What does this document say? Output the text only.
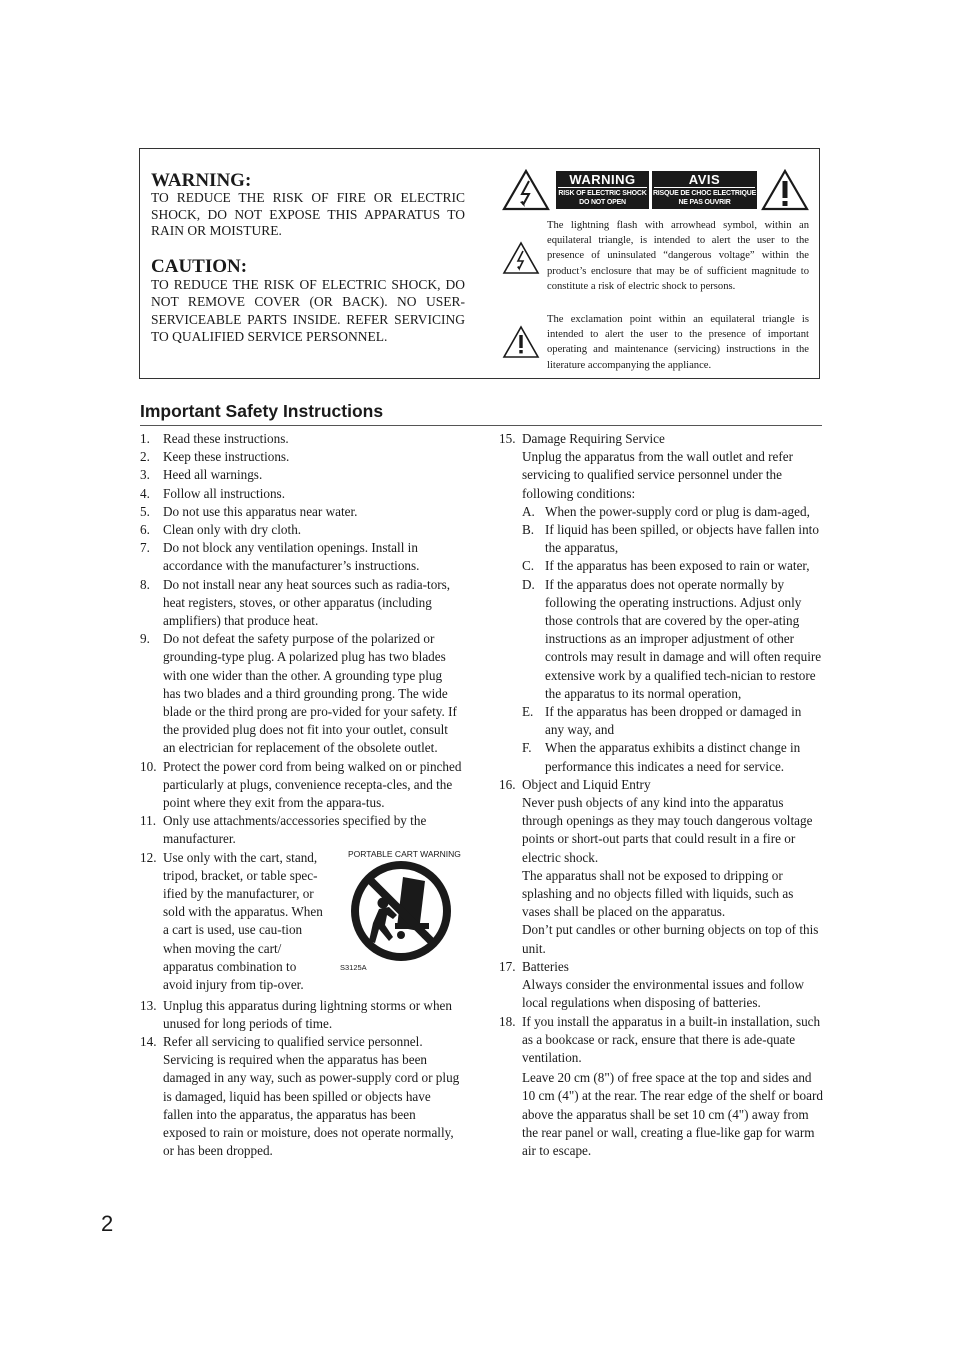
WARNING:

TO REDUCE THE RISK OF FIRE OR ELECTRIC SHOCK, DO NOT EXPOSE THIS APPARATUS TO RAIN OR MOISTURE.

CAUTION:

TO REDUCE THE RISK OF ELECTRIC SHOCK, DO NOT REMOVE COVER (OR BACK). NO USER-SERVICEABLE PARTS INSIDE. REFER SERVICING TO QUALIFIED SERVICE PERSONNEL.

WARNING
RISK OF ELECTRIC SHOCK
DO NOT OPEN
AVIS
RISQUE DE CHOC ELECTRIQUE
NE PAS OUVRIR

The lightning flash with arrowhead symbol, within an equilateral triangle, is intended to alert the user to the presence of uninsulated “dangerous voltage” within the product’s enclosure that may be of sufficient magnitude to constitute a risk of electric shock to persons.

The exclamation point within an equilateral triangle is intended to alert the user to the presence of important operating and maintenance (servicing) instructions in the literature accompanying the appliance.

Important Safety Instructions
1. Read these instructions.

2. Keep these instructions.

3. Heed all warnings.

4. Follow all instructions.

5. Do not use this apparatus near water.

6. Clean only with dry cloth.

7. Do not block any ventilation openings. Install in accordance with the manufacturer’s instructions.

8. Do not install near any heat sources such as radia-tors, heat registers, stoves, or other apparatus (including amplifiers) that produce heat.

9. Do not defeat the safety purpose of the polarized or grounding-type plug. A polarized plug has two blades with one wider than the other. A grounding type plug has two blades and a third grounding prong. The wide blade or the third prong are pro-vided for your safety. If the provided plug does not fit into your outlet, consult an electrician for replacement of the obsolete outlet.

10. Protect the power cord from being walked on or pinched particularly at plugs, convenience recepta-cles, and the point where they exit from the appara-tus.

11. Only use attachments/accessories specified by the manufacturer.

12. Use only with the cart, stand, tripod, bracket, or table spec-ified by the manufacturer, or sold with the apparatus. When a cart is used, use cau-tion when moving the cart/ apparatus combination to avoid injury from tip-over.

PORTABLE CART WARNING
S3125A
13. Unplug this apparatus during lightning storms or when unused for long periods of time.

14. Refer all servicing to qualified service personnel. Servicing is required when the apparatus has been damaged in any way, such as power-supply cord or plug is damaged, liquid has been spilled or objects have fallen into the apparatus, the apparatus has been exposed to rain or moisture, does not operate normally, or has been dropped.

15. Damage Requiring Service

Unplug the apparatus from the wall outlet and refer servicing to qualified service personnel under the following conditions:

A. When the power-supply cord or plug is dam-aged,

B. If liquid has been spilled, or objects have fallen into the apparatus,

C. If the apparatus has been exposed to rain or water,

D. If the apparatus does not operate normally by following the operating instructions. Adjust only those controls that are covered by the oper-ating instructions as an improper adjustment of other controls may result in damage and will often require extensive work by a qualified tech-nician to restore the apparatus to its normal operation,

E. If the apparatus has been dropped or damaged in any way, and

F. When the apparatus exhibits a distinct change in performance this indicates a need for service.

16. Object and Liquid Entry

Never push objects of any kind into the apparatus through openings as they may touch dangerous voltage points or short-out parts that could result in a fire or electric shock.

The apparatus shall not be exposed to dripping or splashing and no objects filled with liquids, such as vases shall be placed on the apparatus.

Don’t put candles or other burning objects on top of this unit.

17. Batteries

Always consider the environmental issues and follow local regulations when disposing of batteries.

18. If you install the apparatus in a built-in installation, such as a bookcase or rack, ensure that there is ade-quate ventilation.

Leave 20 cm (8") of free space at the top and sides and 10 cm (4") at the rear. The rear edge of the shelf or board above the apparatus shall be set 10 cm (4") away from the rear panel or wall, creating a flue-like gap for warm air to escape.

2
